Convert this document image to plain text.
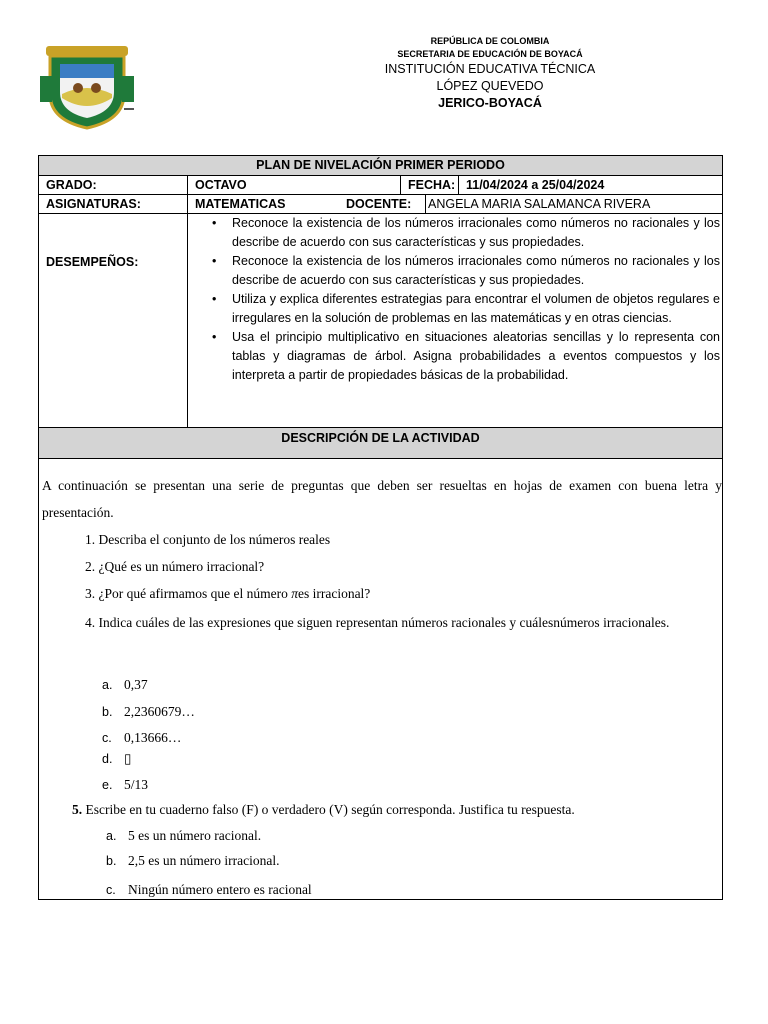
REPÚBLICA DE COLOMBIA
SECRETARIA DE EDUCACIÓN DE BOYACÁ
INSTITUCIÓN EDUCATIVA TÉCNICA
LÓPEZ QUEVEDO
JERICO-BOYACÁ
PLAN DE NIVELACIÓN PRIMER PERIODO
GRADO:	OCTAVO	FECHA: 11/04/2024 a 25/04/2024
ASIGNATURAS:	MATEMATICAS	DOCENTE:	ANGELA MARIA SALAMANCA RIVERA
DESEMPEÑOS:
• Reconoce la existencia de los números irracionales como números no racionales y los describe de acuerdo con sus características y sus propiedades.
• Reconoce la existencia de los números irracionales como números no racionales y los describe de acuerdo con sus características y sus propiedades.
• Utiliza y explica diferentes estrategias para encontrar el volumen de objetos regulares e irregulares en la solución de problemas en las matemáticas y en otras ciencias.
• Usa el principio multiplicativo en situaciones aleatorias sencillas y lo representa con tablas y diagramas de árbol. Asigna probabilidades a eventos compuestos y los interpreta a partir de propiedades básicas de la probabilidad.
DESCRIPCIÓN DE LA ACTIVIDAD
A continuación se presentan una serie de preguntas que deben ser resueltas en hojas de examen con buena letra y presentación.
1. Describa el conjunto de los números reales
2. ¿Qué es un número irracional?
3. ¿Por qué afirmamos que el número πes irracional?
4. Indica cuáles de las expresiones que siguen representan números racionales y cuálesnúmeros irracionales.
a. 0,37
b. 2,2360679…
c. 0,13666…
d. ▯
e. 5/13
5. Escribe en tu cuaderno falso (F) o verdadero (V) según corresponda. Justifica tu respuesta.
a. 5 es un número racional.
b. 2,5 es un número irracional.
c. Ningún número entero es racional
